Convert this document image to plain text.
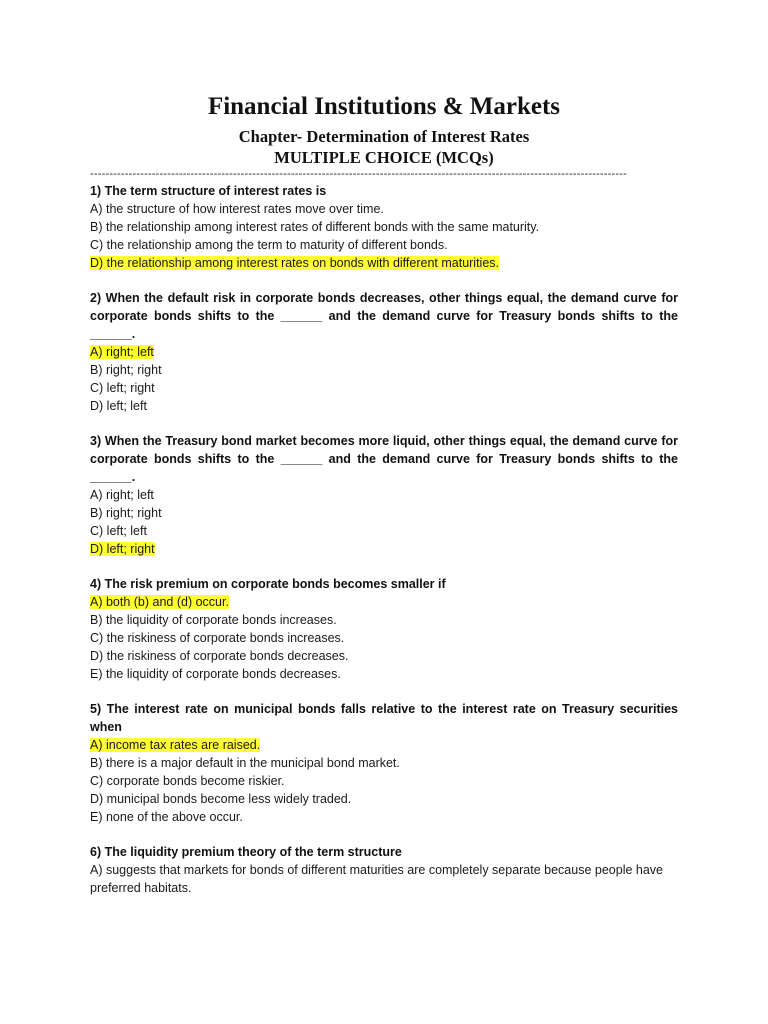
Financial Institutions & Markets
Chapter- Determination of Interest Rates
MULTIPLE CHOICE (MCQs)
-------------------------------------------------------------------------------------------------------------------------------------------

1) The term structure of interest rates is

A) the structure of how interest rates move over time.
B) the relationship among interest rates of different bonds with the same maturity.
C) the relationship among the term to maturity of different bonds.
D) the relationship among interest rates on bonds with different maturities.

2) When the default risk in corporate bonds decreases, other things equal, the demand curve for corporate bonds shifts to the ______ and the demand curve for Treasury bonds shifts to the ______.

A) right; left
B) right; right
C) left; right
D) left; left

3) When the Treasury bond market becomes more liquid, other things equal, the demand curve for corporate bonds shifts to the ______ and the demand curve for Treasury bonds shifts to the ______.

A) right; left
B) right; right
C) left; left
D) left; right

4) The risk premium on corporate bonds becomes smaller if

A) both (b) and (d) occur.
B) the liquidity of corporate bonds increases.
C) the riskiness of corporate bonds increases.
D) the riskiness of corporate bonds decreases.
E) the liquidity of corporate bonds decreases.

5) The interest rate on municipal bonds falls relative to the interest rate on Treasury securities when

A) income tax rates are raised.
B) there is a major default in the municipal bond market.
C) corporate bonds become riskier.
D) municipal bonds become less widely traded.
E) none of the above occur.

6) The liquidity premium theory of the term structure

A) suggests that markets for bonds of different maturities are completely separate because people have preferred habitats.
